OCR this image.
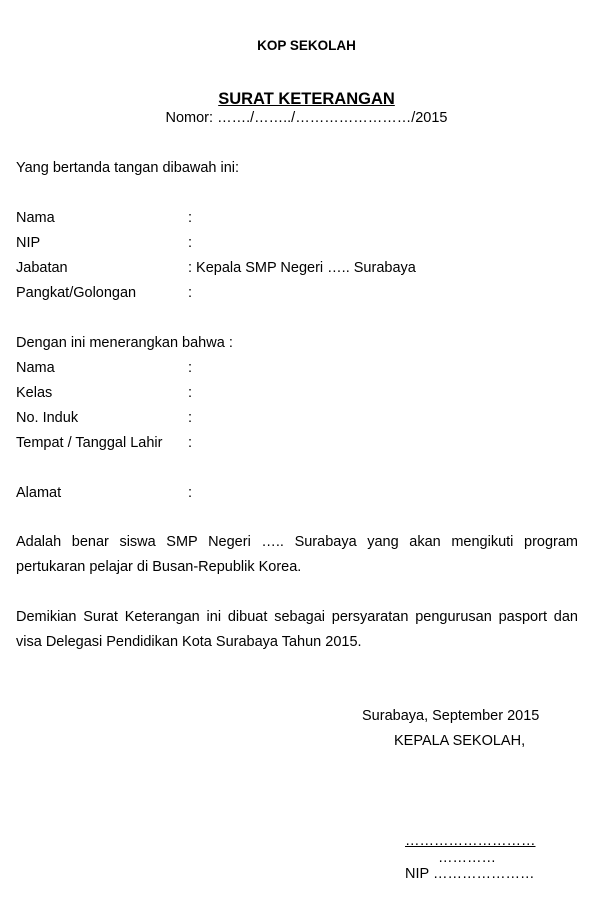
KOP SEKOLAH
SURAT KETERANGAN
Nomor: ……./……../……………………/2015
Yang bertanda tangan dibawah ini:
Nama	:
NIP	:
Jabatan	: Kepala SMP Negeri ….. Surabaya
Pangkat/Golongan	:
Dengan ini menerangkan bahwa :
Nama	:
Kelas	:
No. Induk	:
Tempat / Tanggal Lahir :
Alamat	:
Adalah benar siswa SMP Negeri ….. Surabaya yang akan mengikuti program pertukaran pelajar di Busan-Republik Korea.
Demikian Surat Keterangan ini dibuat sebagai persyaratan pengurusan pasport dan visa Delegasi Pendidikan Kota Surabaya Tahun 2015.
Surabaya, September 2015
KEPALA SEKOLAH,
………………………
…………
NIP …………………
